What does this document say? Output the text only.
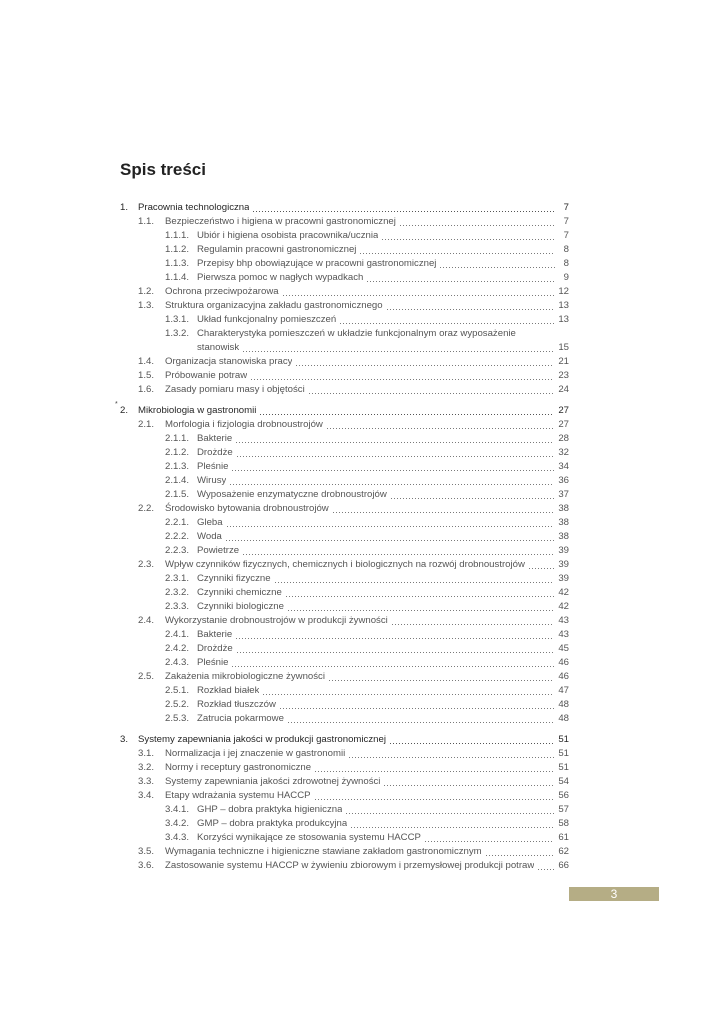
Spis treści
1. Pracownia technologiczna	7
1.1. Bezpieczeństwo i higiena w pracowni gastronomicznej	7
1.1.1. Ubiór i higiena osobista pracownika/ucznia	7
1.1.2. Regulamin pracowni gastronomicznej	8
1.1.3. Przepisy bhp obowiązujące w pracowni gastronomicznej	8
1.1.4. Pierwsza pomoc w nagłych wypadkach	9
1.2. Ochrona przeciwpożarowa	12
1.3. Struktura organizacyjna zakładu gastronomicznego	13
1.3.1. Układ funkcjonalny pomieszczeń	13
1.3.2. Charakterystyka pomieszczeń w układzie funkcjonalnym oraz wyposażenie
stanowisk	15
1.4. Organizacja stanowiska pracy	21
1.5. Próbowanie potraw	23
1.6. Zasady pomiaru masy i objętości	24
*
2. Mikrobiologia w gastronomii	27
2.1. Morfologia i fizjologia drobnoustrojów	27
2.1.1. Bakterie	28
2.1.2. Drożdże	32
2.1.3. Pleśnie	34
2.1.4. Wirusy	36
2.1.5. Wyposażenie enzymatyczne drobnoustrojów	37
2.2. Środowisko bytowania drobnoustrojów	38
2.2.1. Gleba	38
2.2.2. Woda	38
2.2.3. Powietrze	39
2.3. Wpływ czynników fizycznych, chemicznych i biologicznych na rozwój drobnoustrojów	39
2.3.1. Czynniki fizyczne	39
2.3.2. Czynniki chemiczne	42
2.3.3. Czynniki biologiczne	42
2.4. Wykorzystanie drobnoustrojów w produkcji żywności	43
2.4.1. Bakterie	43
2.4.2. Drożdże	45
2.4.3. Pleśnie	46
2.5. Zakażenia mikrobiologiczne żywności	46
2.5.1. Rozkład białek	47
2.5.2. Rozkład tłuszczów	48
2.5.3. Zatrucia pokarmowe	48
3. Systemy zapewniania jakości w produkcji gastronomicznej	51
3.1. Normalizacja i jej znaczenie w gastronomii	51
3.2. Normy i receptury gastronomiczne	51
3.3. Systemy zapewniania jakości zdrowotnej żywności	54
3.4. Etapy wdrażania systemu HACCP	56
3.4.1. GHP – dobra praktyka higieniczna	57
3.4.2. GMP – dobra praktyka produkcyjna	58
3.4.3. Korzyści wynikające ze stosowania systemu HACCP	61
3.5. Wymagania techniczne i higieniczne stawiane zakładom gastronomicznym	62
3.6. Zastosowanie systemu HACCP w żywieniu zbiorowym i przemysłowej produkcji potraw	66
3
